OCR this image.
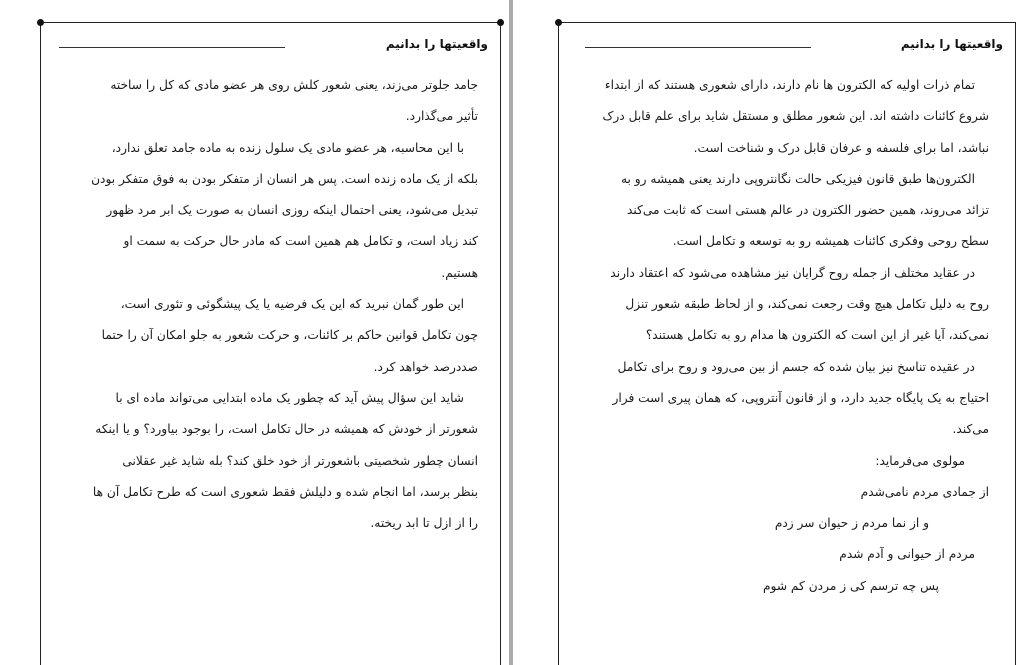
واقعیتها را بدانیم

جامد جلوتر می‌زند، یعنی شعور کلش روی هر عضو مادی که کل را ساخته
تأثیر می‌گذارد.

با این محاسبه، هر عضو مادی یک سلول زنده به ماده جامد تعلق ندارد،
بلکه از یک ماده زنده است. پس هر انسان از متفکر بودن به فوق متفکر بودن
تبدیل می‌شود، یعنی احتمال اینکه روزی انسان به صورت یک ابر مرد ظهور
کند زیاد است، و تکامل هم همین است که مادر حال حرکت به سمت او
هستیم.

این طور گمان نبرید که این یک فرضیه یا یک پیشگوئی و تئوری است،
چون تکامل قوانین حاکم بر کائنات، و حرکت شعور به جلو امکان آن را حتما
صددرصد خواهد کرد.

شاید این سؤال پیش آید که چطور یک ماده ابتدایی می‌تواند ماده ای با
شعورتر از خودش که همیشه در حال تکامل است، را بوجود بیاورد؟ و یا اینکه
انسان چطور شخصیتی باشعورتر از خود خلق کند؟ بله شاید غیر عقلانی
بنظر برسد، اما انجام شده و دلیلش فقط شعوری است که طرح تکامل آن ها
را از ازل تا ابد ریخته.

واقعیتها را بدانیم

تمام ذرات اولیه که الکترون ها نام دارند، دارای شعوری هستند که از ابتداء
شروع کائنات داشته اند. این شعور مطلق و مستقل شاید برای علم قابل درک
نباشد، اما برای فلسفه و عرفان قابل درک و شناخت است.

الکترون‌ها طبق قانون فیزیکی حالت نگانتروپی دارند یعنی همیشه رو به
تزائد می‌روند، همین حضور الکترون در عالم هستی است که ثابت می‌کند
سطح روحی وفکری کائنات همیشه رو به توسعه و تکامل است.

در عقاید مختلف از جمله روح گرایان نیز مشاهده می‌شود که اعتقاد دارند
روح به دلیل تکامل هیچ وقت رجعت نمی‌کند، و از لحاظ طبقه شعور تنزل
نمی‌کند، آیا غیر از این است که الکترون ها مدام رو به تکامل هستند؟

در عقیده تناسخ نیز بیان شده که جسم از بین می‌رود و روح برای تکامل
احتیاج به یک پایگاه جدید دارد، و از قانون آنتروپی، که همان پیری است فرار
می‌کند.

مولوی می‌فرماید:

از جمادی مردم نامی‌شدم

و از نما مردم ز حیوان سر زدم

مردم از حیوانی و آدم شدم

پس چه ترسم کی ز مردن کم شوم
